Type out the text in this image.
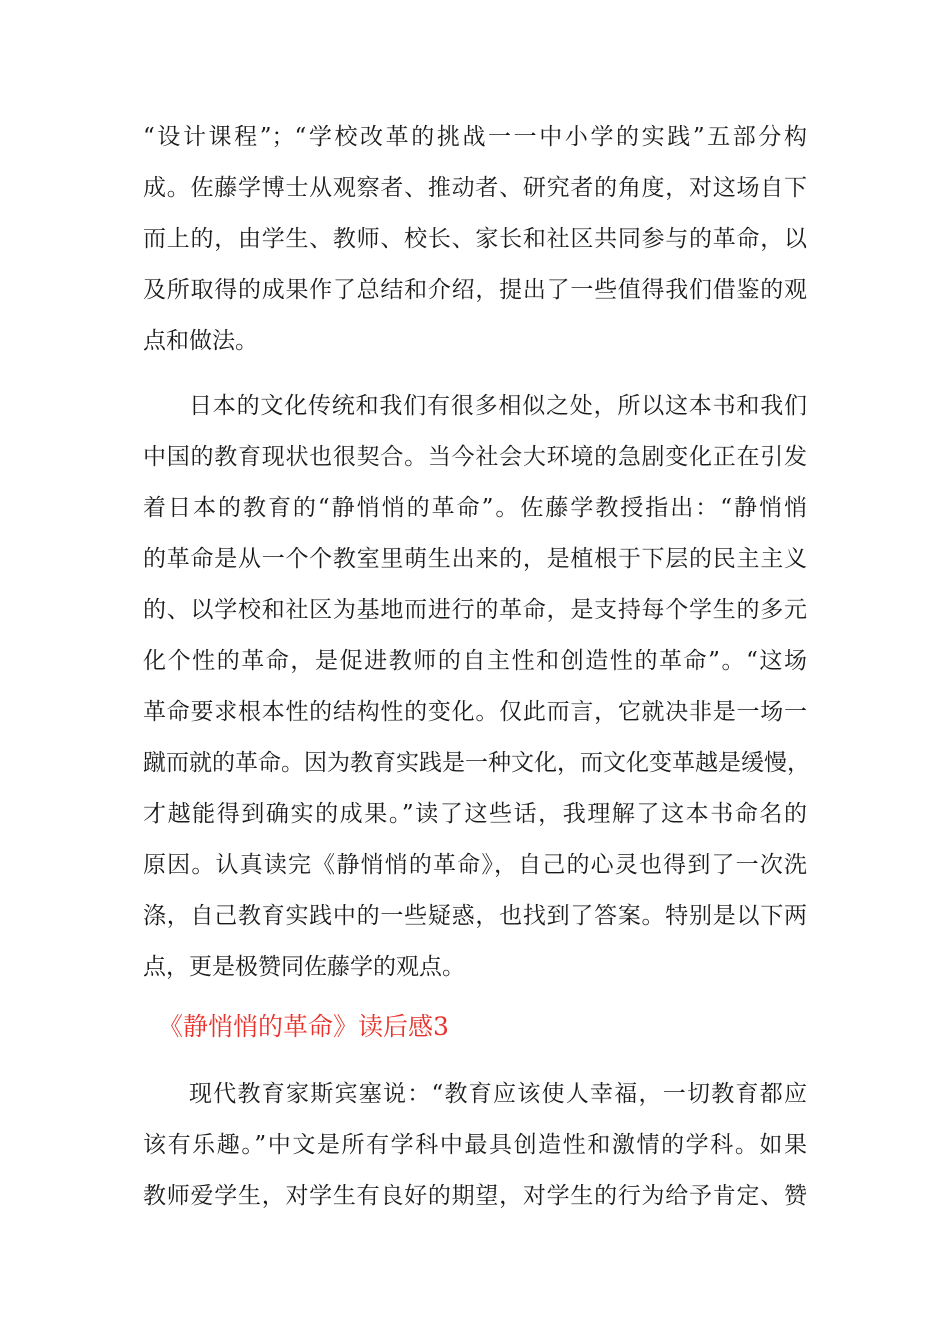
“设计课程”；“学校改革的挑战一一中小学的实践”五部分构
成。佐藤学博士从观察者、推动者、研究者的角度，对这场自下
而上的，由学生、教师、校长、家长和社区共同参与的革命，以
及所取得的成果作了总结和介绍，提出了一些值得我们借鉴的观
点和做法。
日本的文化传统和我们有很多相似之处，所以这本书和我们
中国的教育现状也很契合。当今社会大环境的急剧变化正在引发
着日本的教育的“静悄悄的革命”。佐藤学教授指出：“静悄悄
的革命是从一个个教室里萌生出来的，是植根于下层的民主主义
的、以学校和社区为基地而进行的革命，是支持每个学生的多元
化个性的革命，是促进教师的自主性和创造性的革命”。“这场
革命要求根本性的结构性的变化。仅此而言，它就决非是一场一
蹴而就的革命。因为教育实践是一种文化，而文化变革越是缓慢，
才越能得到确实的成果。”读了这些话，我理解了这本书命名的
原因。认真读完《静悄悄的革命》，自己的心灵也得到了一次洗
涤，自己教育实践中的一些疑惑，也找到了答案。特别是以下两
点，更是极赞同佐藤学的观点。
《静悄悄的革命》读后感3
现代教育家斯宾塞说：“教育应该使人幸福，一切教育都应
该有乐趣。”中文是所有学科中最具创造性和激情的学科。如果
教师爱学生，对学生有良好的期望，对学生的行为给予肯定、赞
